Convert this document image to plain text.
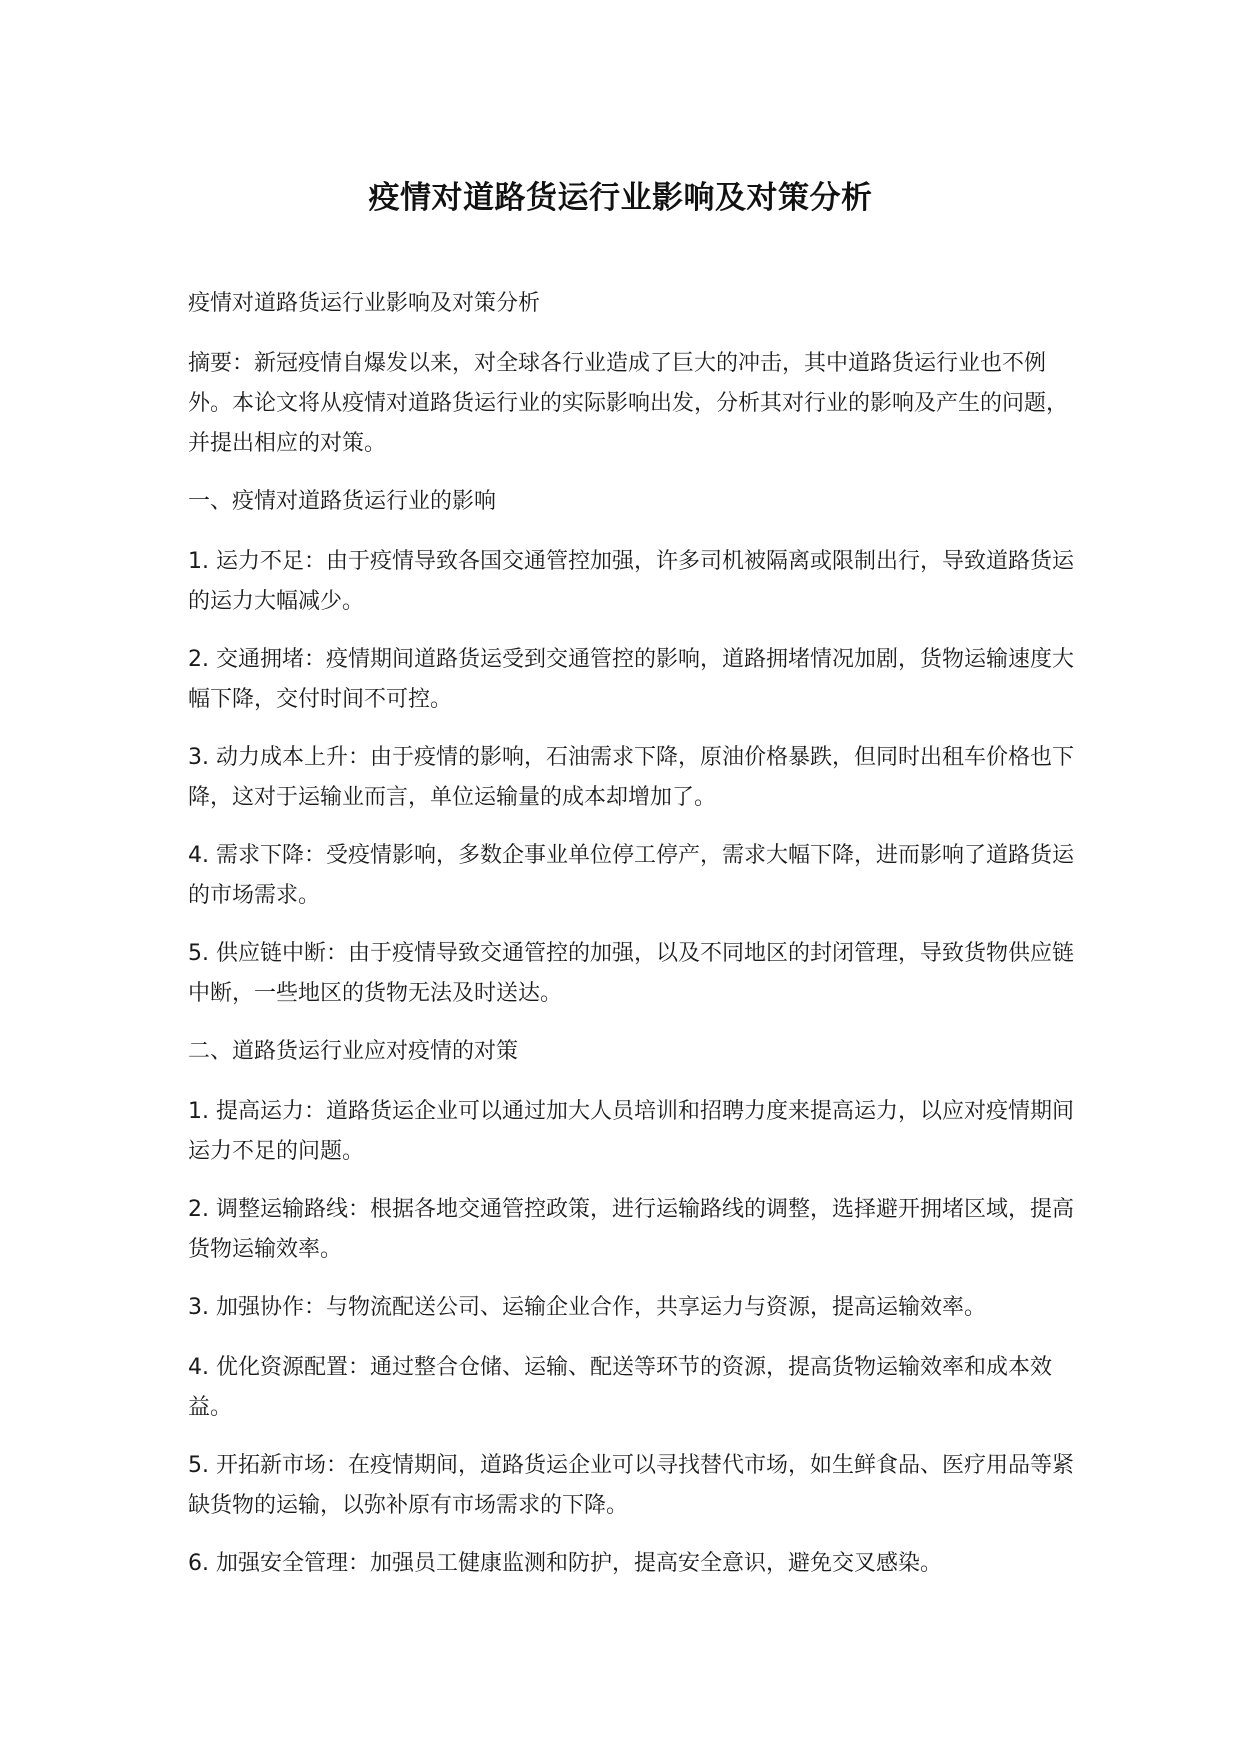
疫情对道路货运行业影响及对策分析

疫情对道路货运行业影响及对策分析

摘要：新冠疫情自爆发以来，对全球各行业造成了巨大的冲击，其中道路货运行业也不例外。本论文将从疫情对道路货运行业的实际影响出发，分析其对行业的影响及产生的问题，并提出相应的对策。

一、疫情对道路货运行业的影响

1. 运力不足：由于疫情导致各国交通管控加强，许多司机被隔离或限制出行，导致道路货运的运力大幅减少。

2. 交通拥堵：疫情期间道路货运受到交通管控的影响，道路拥堵情况加剧，货物运输速度大幅下降，交付时间不可控。

3. 动力成本上升：由于疫情的影响，石油需求下降，原油价格暴跌，但同时出租车价格也下降，这对于运输业而言，单位运输量的成本却增加了。

4. 需求下降：受疫情影响，多数企事业单位停工停产，需求大幅下降，进而影响了道路货运的市场需求。

5. 供应链中断：由于疫情导致交通管控的加强，以及不同地区的封闭管理，导致货物供应链中断，一些地区的货物无法及时送达。

二、道路货运行业应对疫情的对策

1. 提高运力：道路货运企业可以通过加大人员培训和招聘力度来提高运力，以应对疫情期间运力不足的问题。

2. 调整运输路线：根据各地交通管控政策，进行运输路线的调整，选择避开拥堵区域，提高货物运输效率。

3. 加强协作：与物流配送公司、运输企业合作，共享运力与资源，提高运输效率。

4. 优化资源配置：通过整合仓储、运输、配送等环节的资源，提高货物运输效率和成本效益。

5. 开拓新市场：在疫情期间，道路货运企业可以寻找替代市场，如生鲜食品、医疗用品等紧缺货物的运输，以弥补原有市场需求的下降。

6. 加强安全管理：加强员工健康监测和防护，提高安全意识，避免交叉感染。
